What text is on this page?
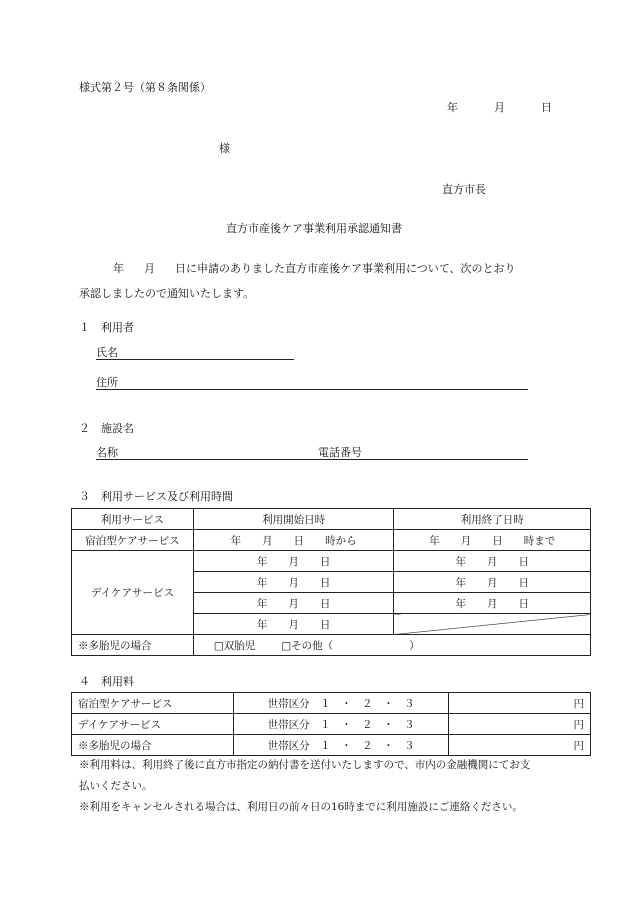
様式第２号（第８条関係）
年	月	日
様
直方市長
直方市産後ケア事業利用承認通知書
年 月 日に申請のありました直方市産後ケア事業利用について、次のとおり
承認しましたので通知いたします。
１　利用者
氏名
住所
２　施設名
名称	電話番号
３　利用サービス及び利用時間
利用サービス	利用開始日時	利用終了日時
宿泊型ケアサービス	年　　月　　日　　時から	年　　月　　日　　時まで
デイケアサービス	年　　月　　日	年　　月　　日
	年　　月　　日	年　　月　　日
	年　　月　　日	年　　月　　日
	年　　月　　日	
※多胎児の場合	□双胎児 □その他（ ）	
４　利用料
宿泊型ケアサービス	世帯区分　１　・　２　・　３	円
デイケアサービス	世帯区分　１　・　２　・　３	円
※多胎児の場合	世帯区分　１　・　２　・　３	円
※利用料は、利用終了後に直方市指定の納付書を送付いたしますので、市内の金融機関にてお支
払いください。
※利用をキャンセルされる場合は、利用日の前々日の16時までに利用施設にご連絡ください。
